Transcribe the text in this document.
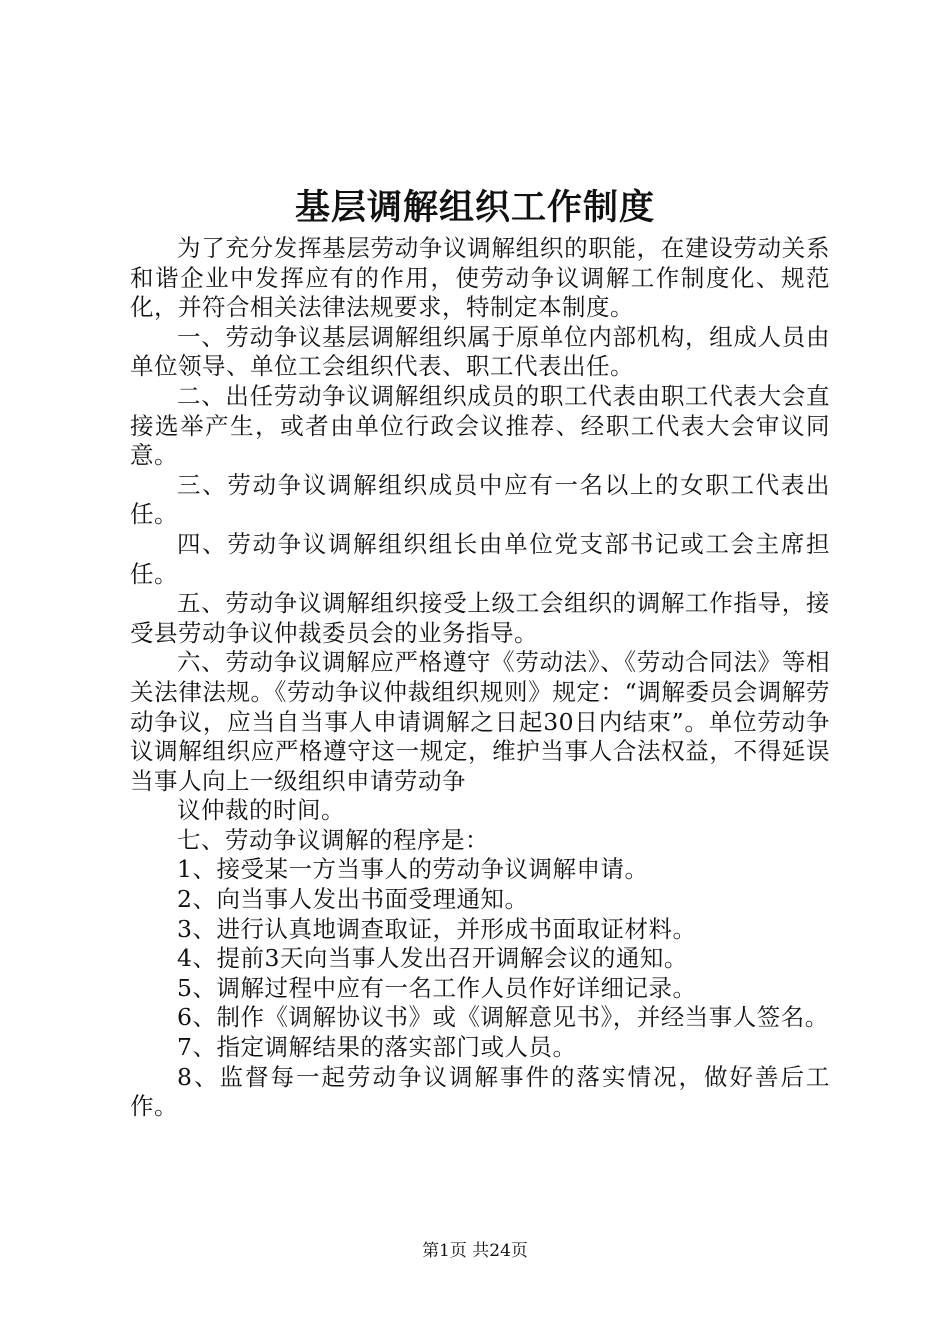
基层调解组织工作制度

为了充分发挥基层劳动争议调解组织的职能，在建设劳动关系和谐企业中发挥应有的作用，使劳动争议调解工作制度化、规范化，并符合相关法律法规要求，特制定本制度。

一、劳动争议基层调解组织属于原单位内部机构，组成人员由单位领导、单位工会组织代表、职工代表出任。

二、出任劳动争议调解组织成员的职工代表由职工代表大会直接选举产生，或者由单位行政会议推荐、经职工代表大会审议同意。

三、劳动争议调解组织成员中应有一名以上的女职工代表出任。

四、劳动争议调解组织组长由单位党支部书记或工会主席担任。

五、劳动争议调解组织接受上级工会组织的调解工作指导，接受县劳动争议仲裁委员会的业务指导。

六、劳动争议调解应严格遵守《劳动法》、《劳动合同法》等相关法律法规。《劳动争议仲裁组织规则》规定：“调解委员会调解劳动争议，应当自当事人申请调解之日起30日内结束”。单位劳动争议调解组织应严格遵守这一规定，维护当事人合法权益，不得延误当事人向上一级组织申请劳动争

议仲裁的时间。

七、劳动争议调解的程序是：

1、接受某一方当事人的劳动争议调解申请。

2、向当事人发出书面受理通知。

3、进行认真地调查取证，并形成书面取证材料。

4、提前3天向当事人发出召开调解会议的通知。

5、调解过程中应有一名工作人员作好详细记录。

6、制作《调解协议书》或《调解意见书》，并经当事人签名。

7、指定调解结果的落实部门或人员。

8、监督每一起劳动争议调解事件的落实情况，做好善后工作。

第1页 共24页
